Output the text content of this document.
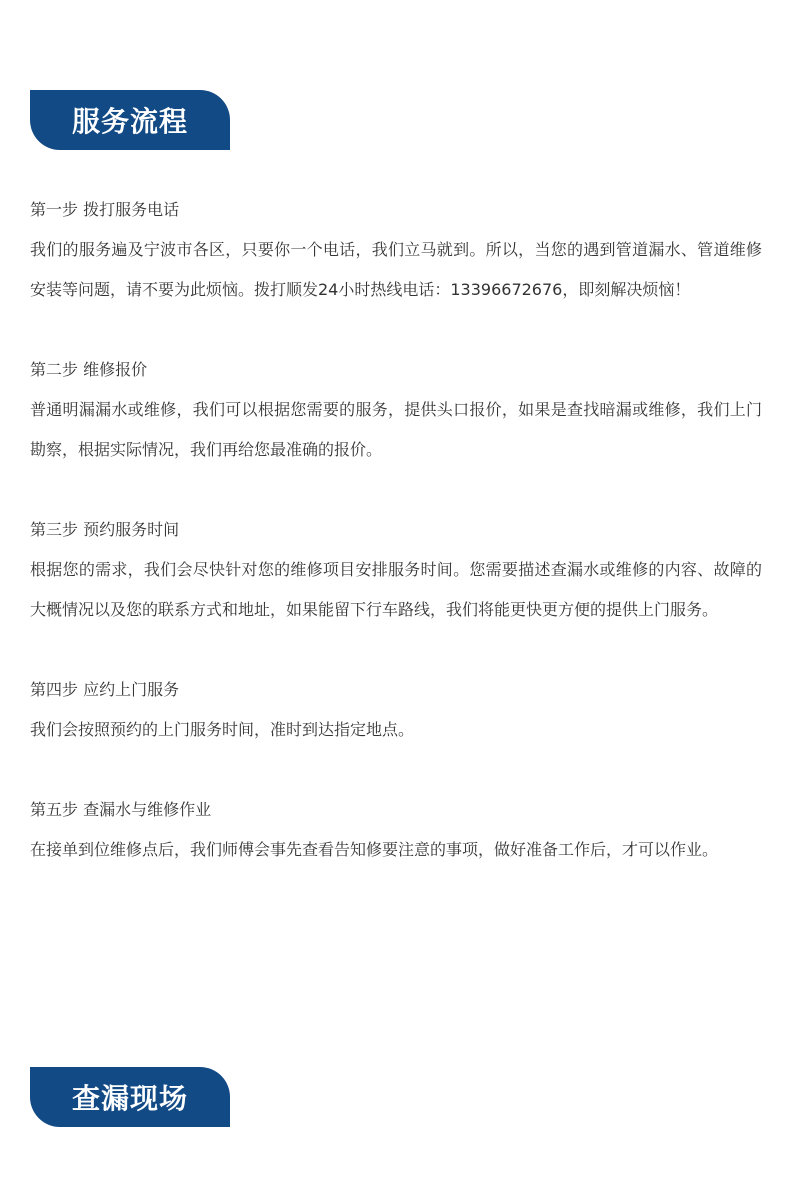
服务流程

第一步 拨打服务电话

我们的服务遍及宁波市各区，只要你一个电话，我们立马就到。所以，当您的遇到管道漏水、管道维修安装等问题，请不要为此烦恼。拨打顺发24小时热线电话：13396672676，即刻解决烦恼！

第二步 维修报价

普通明漏漏水或维修，我们可以根据您需要的服务，提供头口报价，如果是查找暗漏或维修，我们上门勘察，根据实际情况，我们再给您最准确的报价。

第三步 预约服务时间

根据您的需求，我们会尽快针对您的维修项目安排服务时间。您需要描述查漏水或维修的内容、故障的大概情况以及您的联系方式和地址，如果能留下行车路线，我们将能更快更方便的提供上门服务。

第四步 应约上门服务

我们会按照预约的上门服务时间，准时到达指定地点。

第五步 查漏水与维修作业

在接单到位维修点后，我们师傅会事先查看告知修要注意的事项，做好准备工作后，才可以作业。

查漏现场
